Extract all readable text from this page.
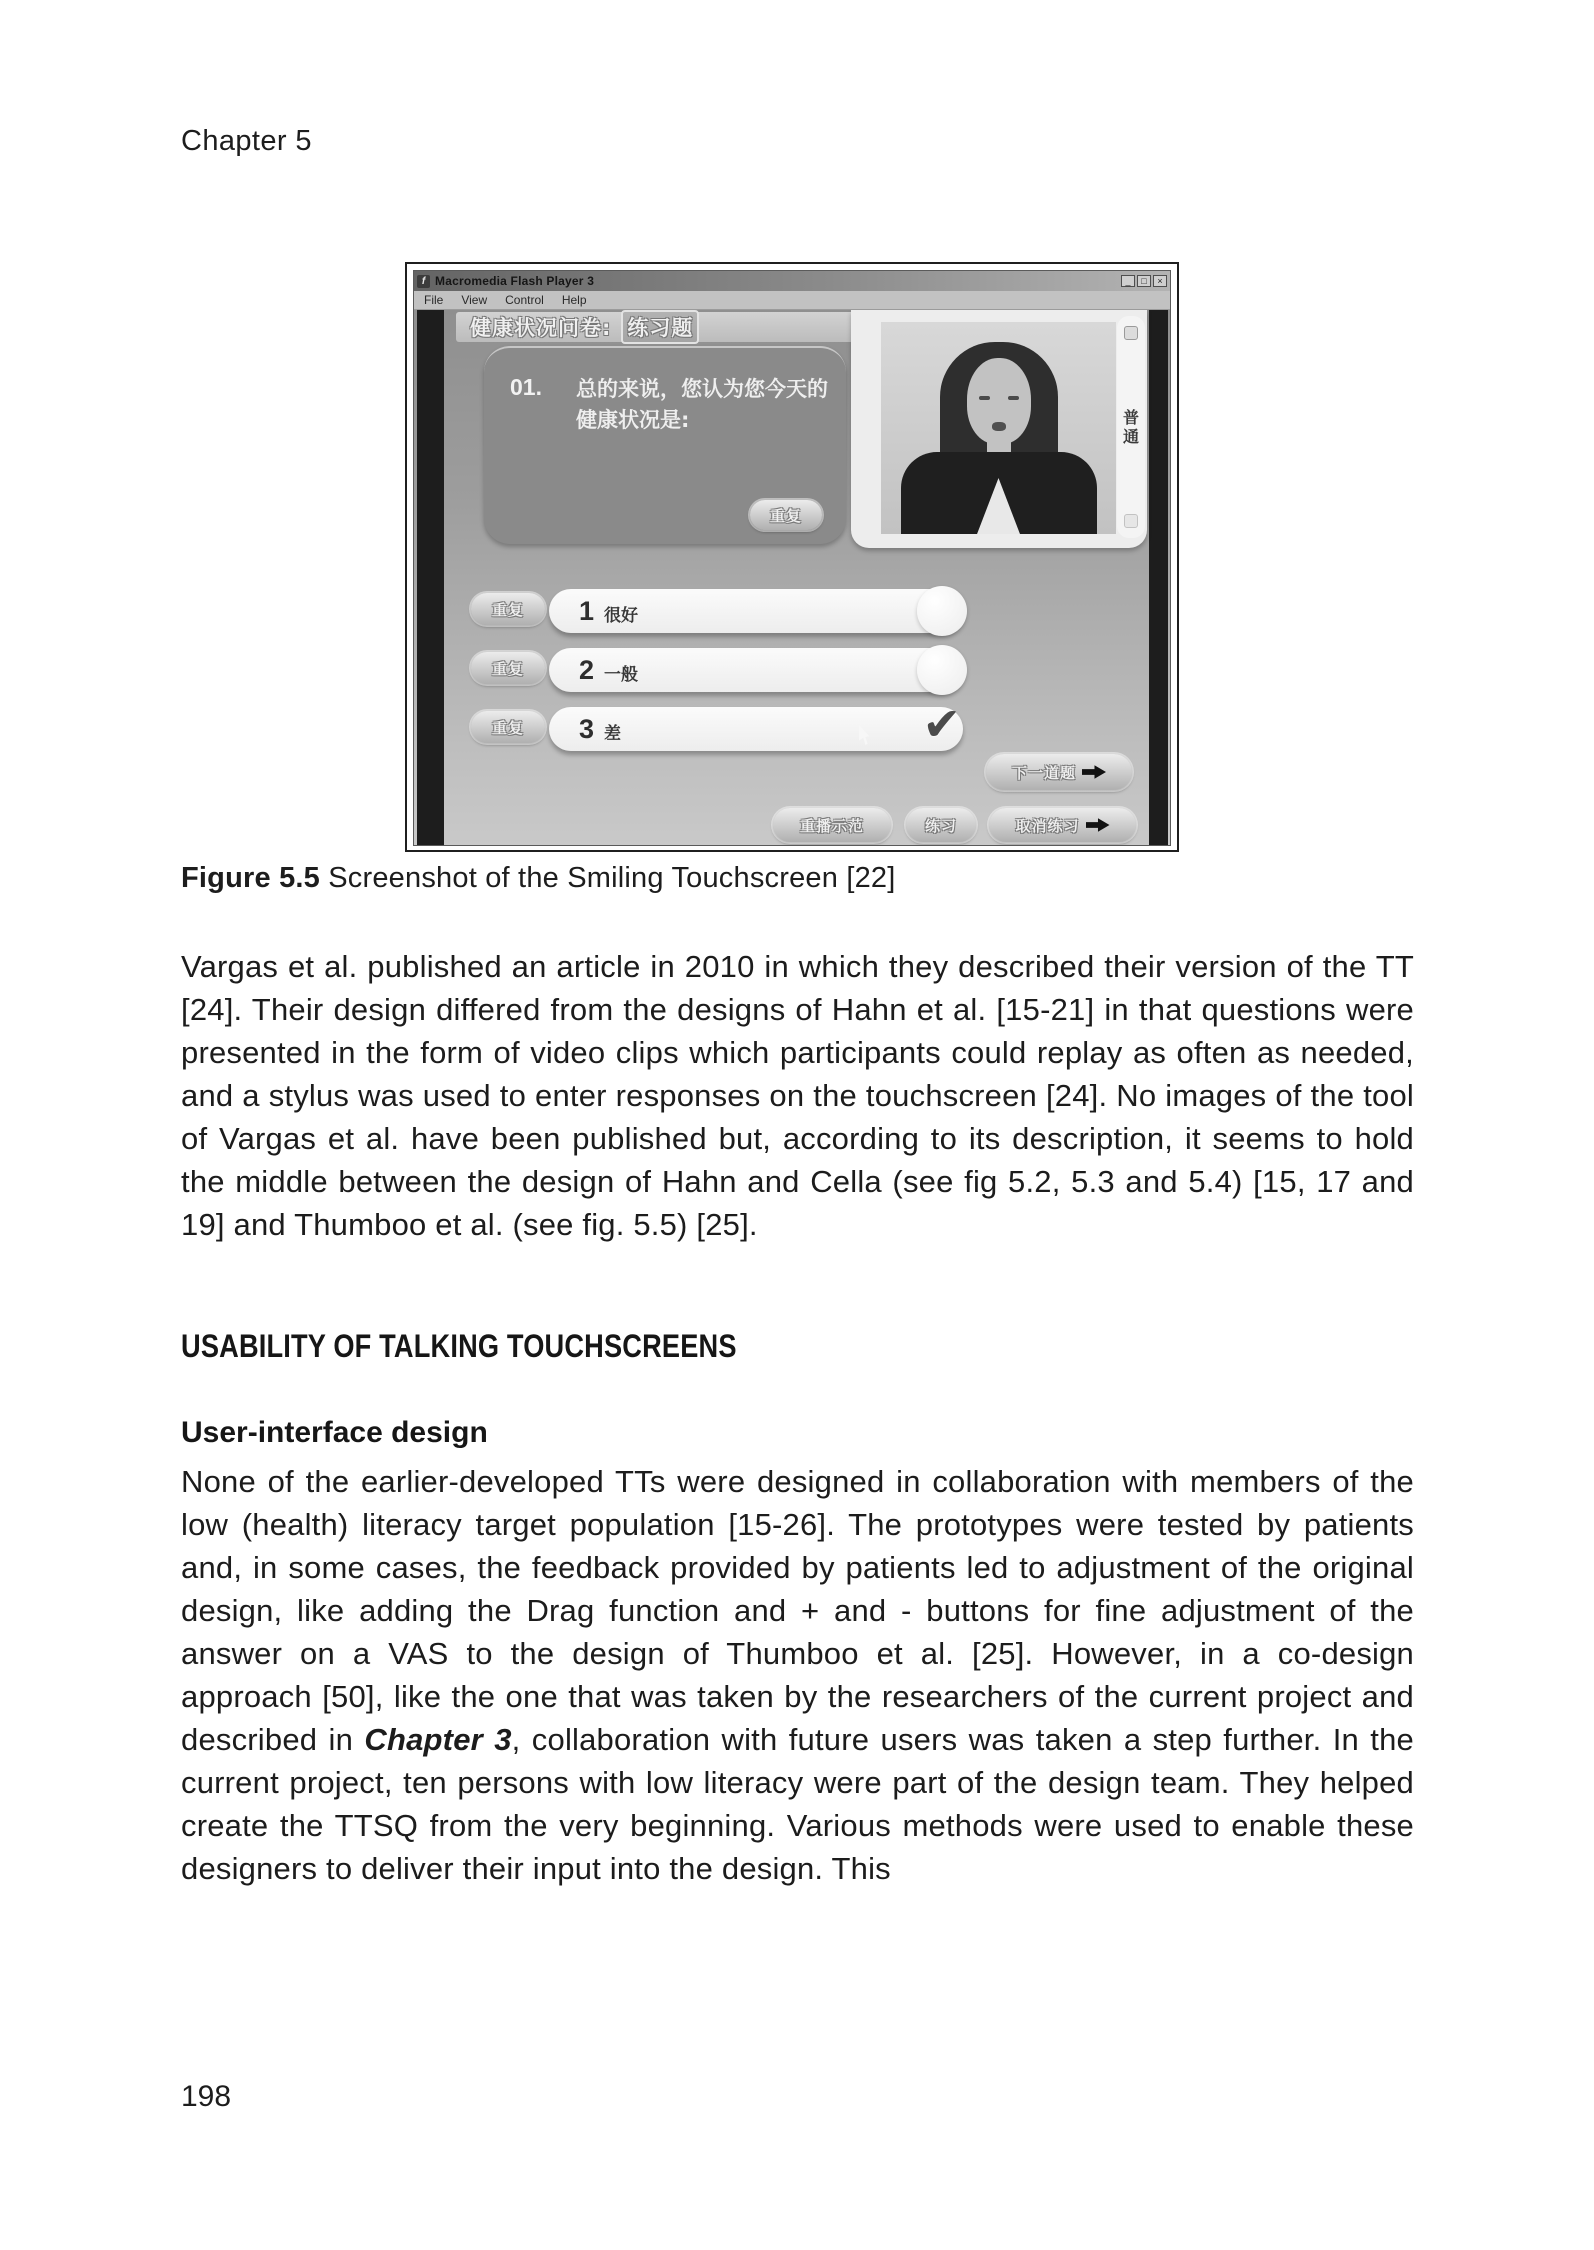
Chapter 5
f Macromedia Flash Player 3	_	□	×
File View Control Help
健康状况问卷: 练习题
01. 总的来说，您认为您今天的
健康状况是:
重复
普通
重复 1 很好
重复 2 一般
重复 3 差	✔
下一道题
重播示范	练习	取消练习
Figure 5.5 Screenshot of the Smiling Touchscreen [22]
Vargas et al. published an article in 2010 in which they described their version of the TT [24]. Their design differed from the designs of Hahn et al. [15-21] in that questions were presented in the form of video clips which participants could replay as often as needed, and a stylus was used to enter responses on the touchscreen [24]. No images of the tool of Vargas et al. have been published but, according to its description, it seems to hold the middle between the design of Hahn and Cella (see fig 5.2, 5.3 and 5.4) [15, 17 and 19] and Thumboo et al. (see fig. 5.5) [25].
USABILITY OF TALKING TOUCHSCREENS
User-interface design
None of the earlier-developed TTs were designed in collaboration with members of the low (health) literacy target population [15-26]. The prototypes were tested by patients and, in some cases, the feedback provided by patients led to adjustment of the original design, like adding the Drag function and + and - buttons for fine adjustment of the answer on a VAS to the design of Thumboo et al. [25]. However, in a co-design approach [50], like the one that was taken by the researchers of the current project and described in Chapter 3, collaboration with future users was taken a step further. In the current project, ten persons with low literacy were part of the design team. They helped create the TTSQ from the very beginning. Various methods were used to enable these designers to deliver their input into the design. This
198
